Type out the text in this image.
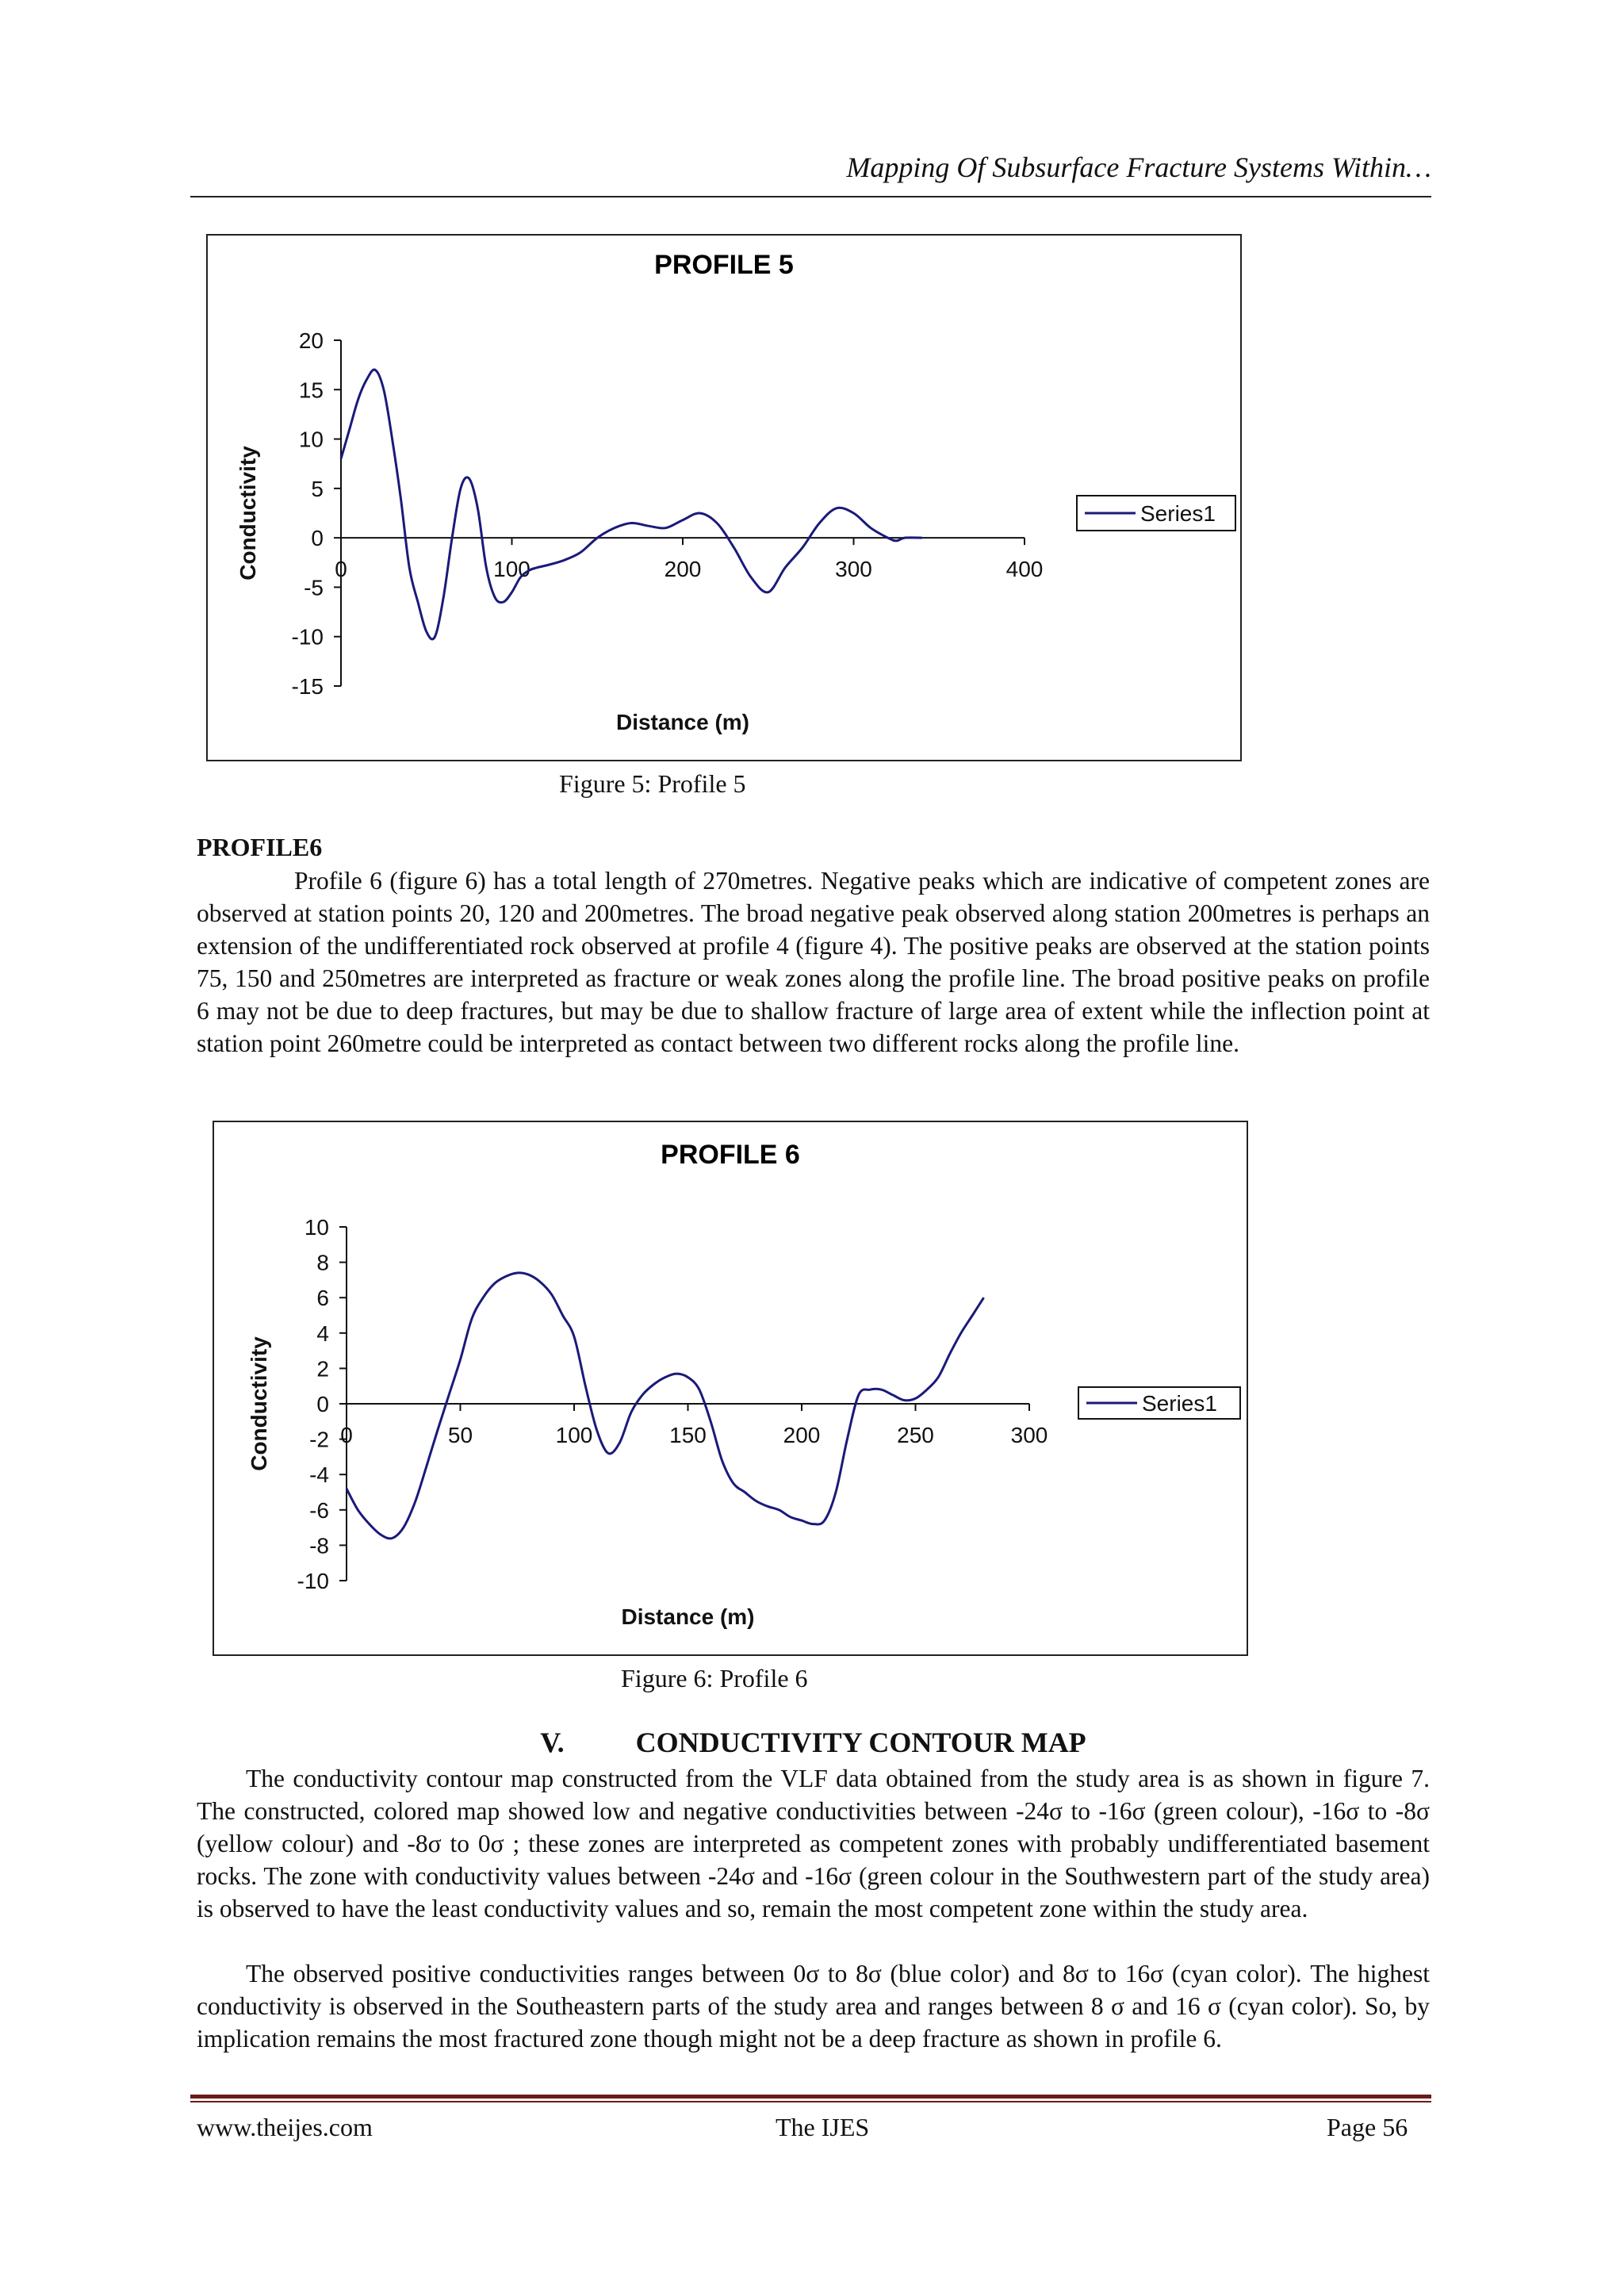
Mapping Of Subsurface Fracture Systems Within…
PROFILE 5
20
15
10
5
0
-5
-10
-15
0	100	200	300	400
Distance (m)
Conductivity	Series1
Figure 5: Profile 5
PROFILE6

Profile 6 (figure 6) has a total length of 270metres. Negative peaks which are indicative of competent zones are observed at station points 20, 120 and 200metres. The broad negative peak observed along station 200metres is perhaps an extension of the undifferentiated rock observed at profile 4 (figure 4). The positive peaks are observed at the station points 75, 150 and 250metres are interpreted as fracture or weak zones along the profile line. The broad positive peaks on profile 6 may not be due to deep fractures, but may be due to shallow fracture of large area of extent while the inflection point at station point 260metre could be interpreted as contact between two different rocks along the profile line.

PROFILE 6
10
8
6
4
2
0
-2
-4
-6
-8
-10
0	50	100	150	200	250	300
Distance (m)
Conductivity	Series1
Figure 6: Profile 6
V.	CONDUCTIVITY CONTOUR MAP

The conductivity contour map constructed from the VLF data obtained from the study area is as shown in figure 7. The constructed, colored map showed low and negative conductivities between -24σ to -16σ (green colour), -16σ to -8σ (yellow colour) and -8σ to 0σ ; these zones are interpreted as competent zones with probably undifferentiated basement rocks. The zone with conductivity values between -24σ and -16σ (green colour in the Southwestern part of the study area) is observed to have the least conductivity values and so, remain the most competent zone within the study area.

The observed positive conductivities ranges between 0σ to 8σ (blue color) and 8σ to 16σ (cyan color). The highest conductivity is observed in the Southeastern parts of the study area and ranges between 8 σ and 16 σ (cyan color). So, by implication remains the most fractured zone though might not be a deep fracture as shown in profile 6.

www.theijes.com	The IJES	Page 56
